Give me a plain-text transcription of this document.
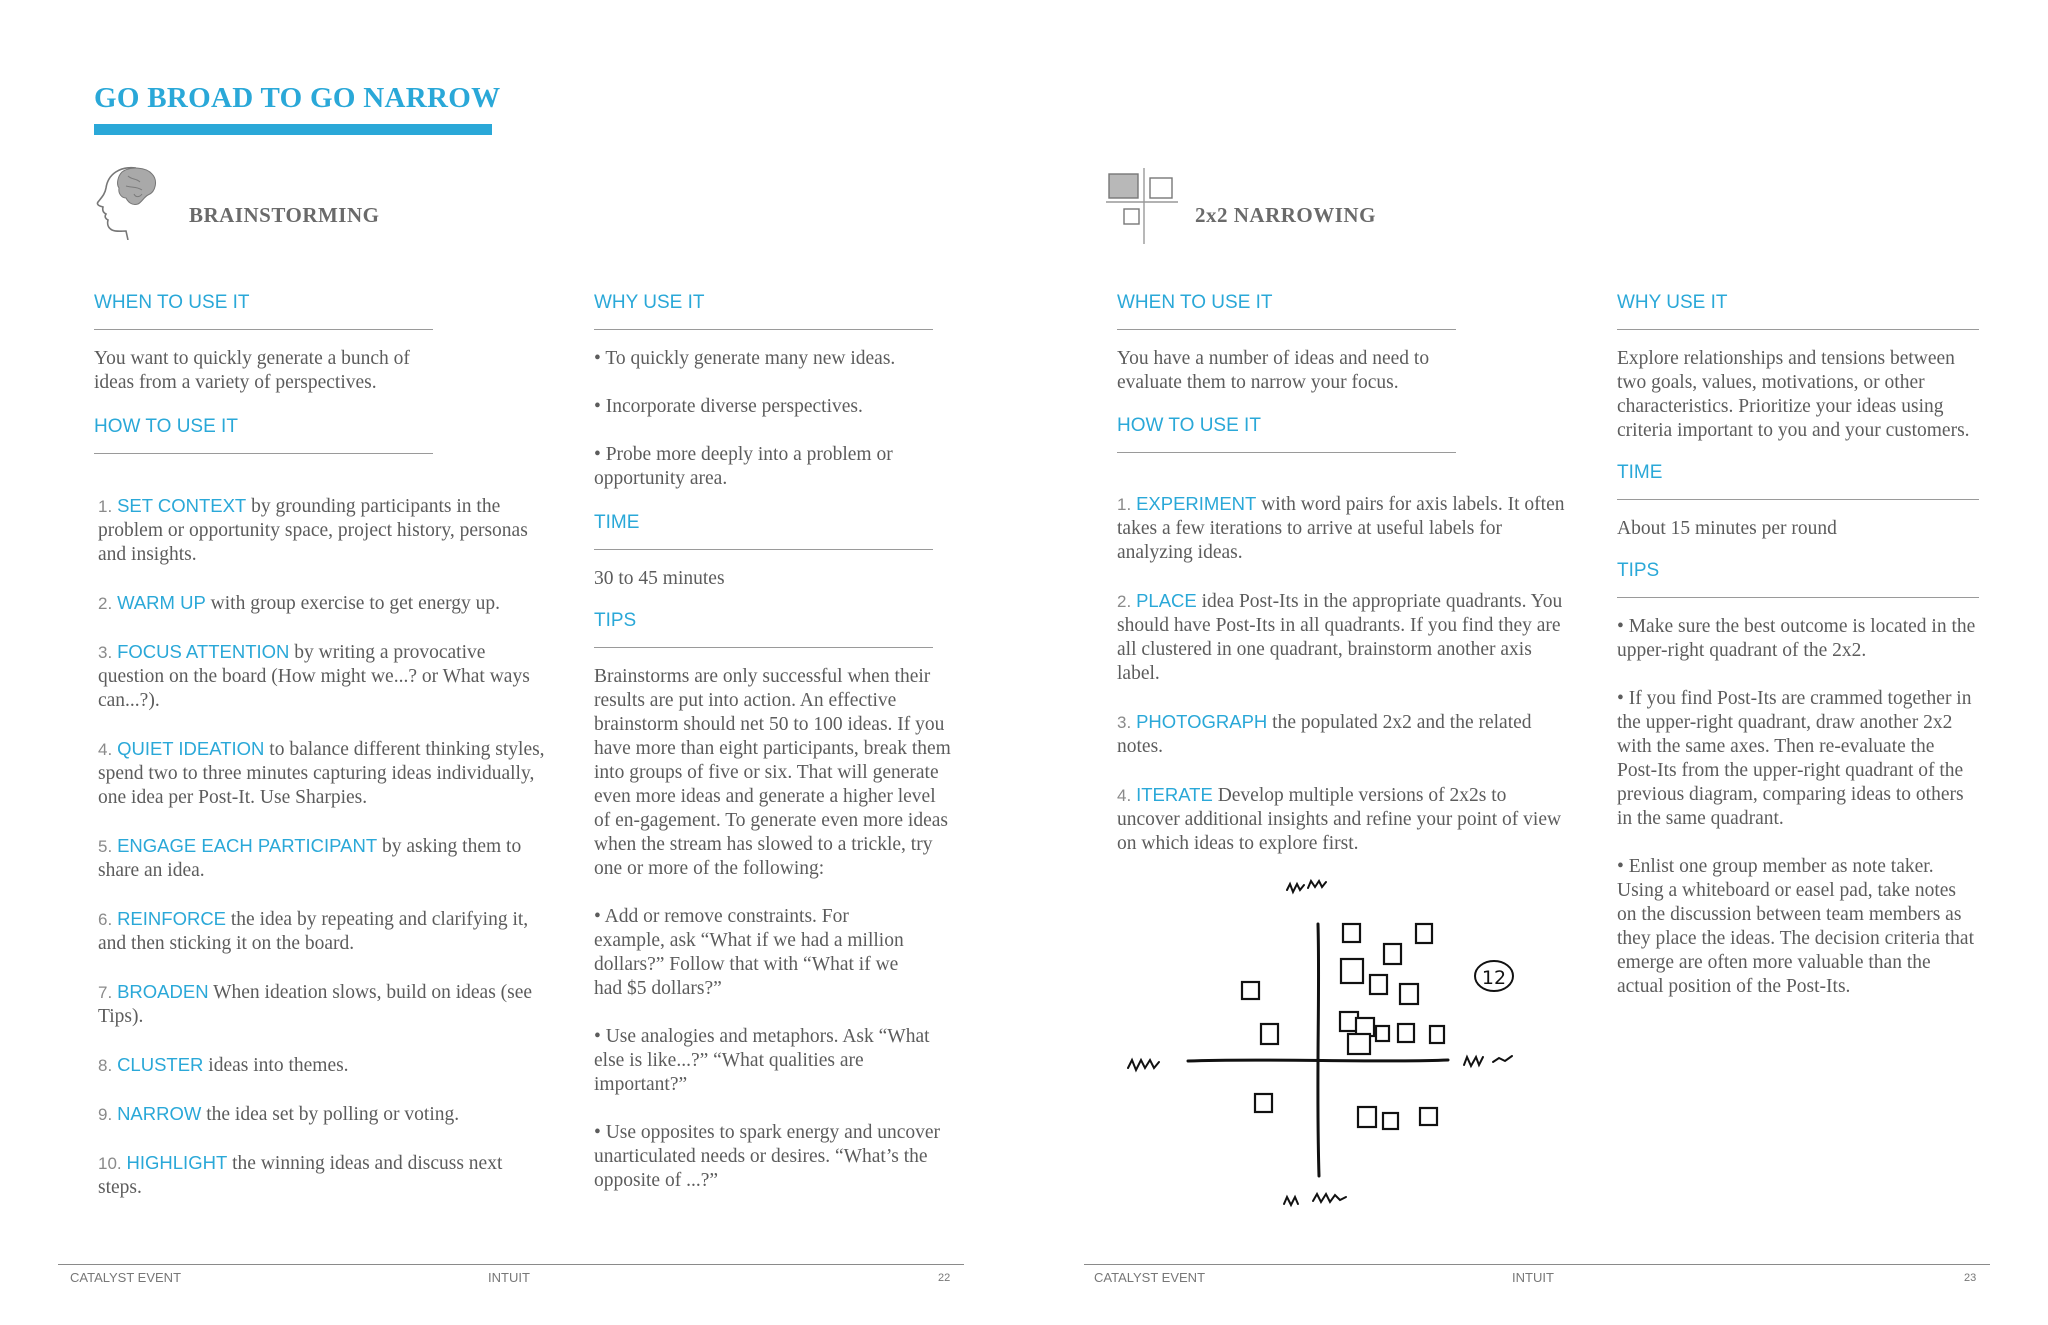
GO BROAD TO GO NARROW
BRAINSTORMING
WHEN TO USE IT
You want to quickly generate a bunch of ideas from a variety of perspectives.
HOW TO USE IT

1. SET CONTEXT by grounding participants in the problem or opportunity space, project history, personas and insights.

2. WARM UP with group exercise to get energy up.

3. FOCUS ATTENTION by writing a provocative question on the board (How might we...? or What ways can...?).

4. QUIET IDEATION to balance different thinking styles, spend two to three minutes capturing ideas individually, one idea per Post-It. Use Sharpies.

5. ENGAGE EACH PARTICIPANT by asking them to share an idea.

6. REINFORCE the idea by repeating and clarifying it, and then sticking it on the board.

7. BROADEN When ideation slows, build on ideas (see Tips).

8. CLUSTER ideas into themes.

9. NARROW the idea set by polling or voting.

10. HIGHLIGHT the winning ideas and discuss next steps.

WHY USE IT

• To quickly generate many new ideas.

• Incorporate diverse perspectives.

• Probe more deeply into a problem or opportunity area.

TIME
30 to 45 minutes
TIPS

Brainstorms are only successful when their results are put into action. An effective brainstorm should net 50 to 100 ideas. If you have more than eight participants, break them into groups of five or six. That will generate even more ideas and generate a higher level of en-gagement. To generate even more ideas when the stream has slowed to a trickle, try one or more of the following:

• Add or remove constraints. For example, ask “What if we had a million dollars?” Follow that with “What if we had $5 dollars?”

• Use analogies and metaphors. Ask “What else is like...?” “What qualities are important?”

• Use opposites to spark energy and uncover unarticulated needs or desires. “What’s the opposite of ...?”

CATALYST EVENT	INTUIT	22
2x2 NARROWING
WHEN TO USE IT
You have a number of ideas and need to evaluate them to narrow your focus.
HOW TO USE IT

1. EXPERIMENT with word pairs for axis labels. It often takes a few iterations to arrive at useful labels for analyzing ideas.

2. PLACE idea Post-Its in the appropriate quadrants. You should have Post-Its in all quadrants. If you find they are all clustered in one quadrant, brainstorm another axis label.

3. PHOTOGRAPH the populated 2x2 and the related notes.

4. ITERATE Develop multiple versions of 2x2s to uncover additional insights and refine your point of view on which ideas to explore first.

12
WHY USE IT
Explore relationships and tensions between two goals, values, motivations, or other characteristics. Prioritize your ideas using criteria important to you and your customers.
TIME
About 15 minutes per round
TIPS

• Make sure the best outcome is located in the upper-right quadrant of the 2x2.

• If you find Post-Its are crammed together in the upper-right quadrant, draw another 2x2 with the same axes. Then re-evaluate the Post-Its from the upper-right quadrant of the previous diagram, comparing ideas to others in the same quadrant.

• Enlist one group member as note taker. Using a whiteboard or easel pad, take notes on the discussion between team members as they place the ideas. The decision criteria that emerge are often more valuable than the actual position of the Post-Its.

CATALYST EVENT	INTUIT	23
